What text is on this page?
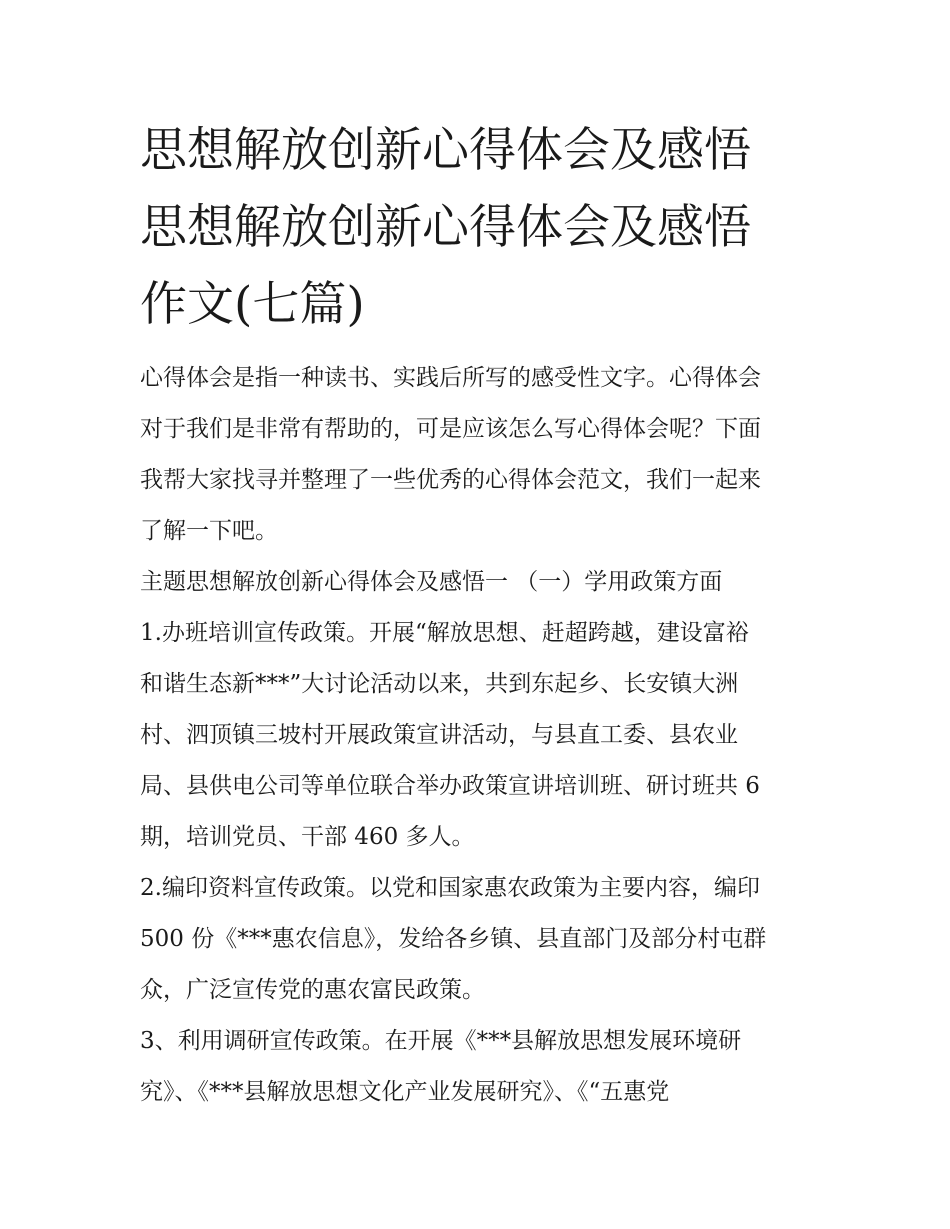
思想解放创新心得体会及感悟
思想解放创新心得体会及感悟
作文(七篇)

心得体会是指一种读书、实践后所写的感受性文字。心得体会
对于我们是非常有帮助的，可是应该怎么写心得体会呢？下面
我帮大家找寻并整理了一些优秀的心得体会范文，我们一起来
了解一下吧。

主题思想解放创新心得体会及感悟一 （一）学用政策方面

1.办班培训宣传政策。开展“解放思想、赶超跨越，建设富裕
和谐生态新***”大讨论活动以来，共到东起乡、长安镇大洲
村、泗顶镇三坡村开展政策宣讲活动，与县直工委、县农业
局、县供电公司等单位联合举办政策宣讲培训班、研讨班共 6
期，培训党员、干部 460 多人。

2.编印资料宣传政策。以党和国家惠农政策为主要内容，编印
500 份《***惠农信息》，发给各乡镇、县直部门及部分村屯群
众，广泛宣传党的惠农富民政策。

3、利用调研宣传政策。在开展《***县解放思想发展环境研
究》、《***县解放思想文化产业发展研究》、《“五惠党
